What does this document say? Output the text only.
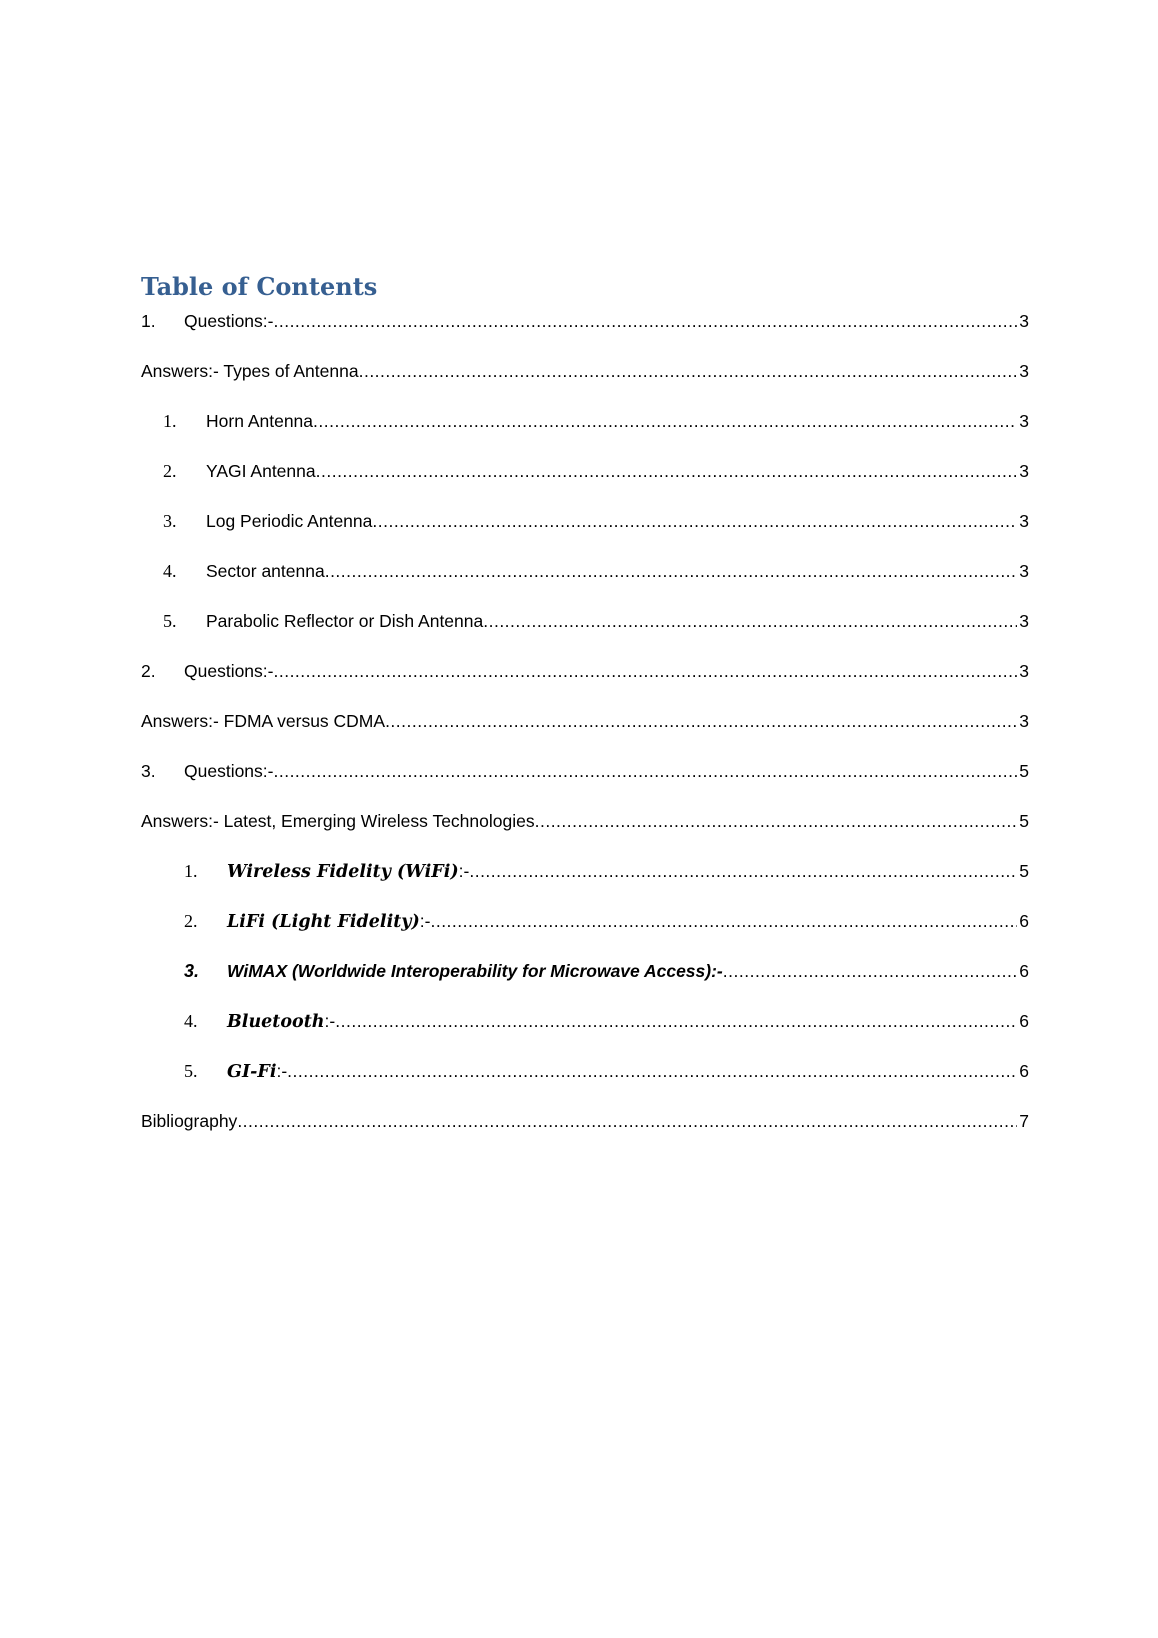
Table of Contents
1.	Questions:- .....	3
Answers:- Types of Antenna .....	3
1.	Horn Antenna .....	3
2.	YAGI Antenna .....	3
3.	Log Periodic Antenna .....	3
4.	Sector antenna .....	3
5.	Parabolic Reflector or Dish Antenna .....	3
2.	Questions:- .....	3
Answers:- FDMA versus CDMA .....	3
3.	Questions:- .....	5
Answers:- Latest, Emerging Wireless Technologies .....	5
1.	Wireless Fidelity (WiFi):- .....	5
2.	LiFi (Light Fidelity):- .....	6
3.	WiMAX (Worldwide Interoperability for Microwave Access):- .....	6
4.	Bluetooth:- .....	6
5.	GI-Fi:- .....	6
Bibliography .....	7
